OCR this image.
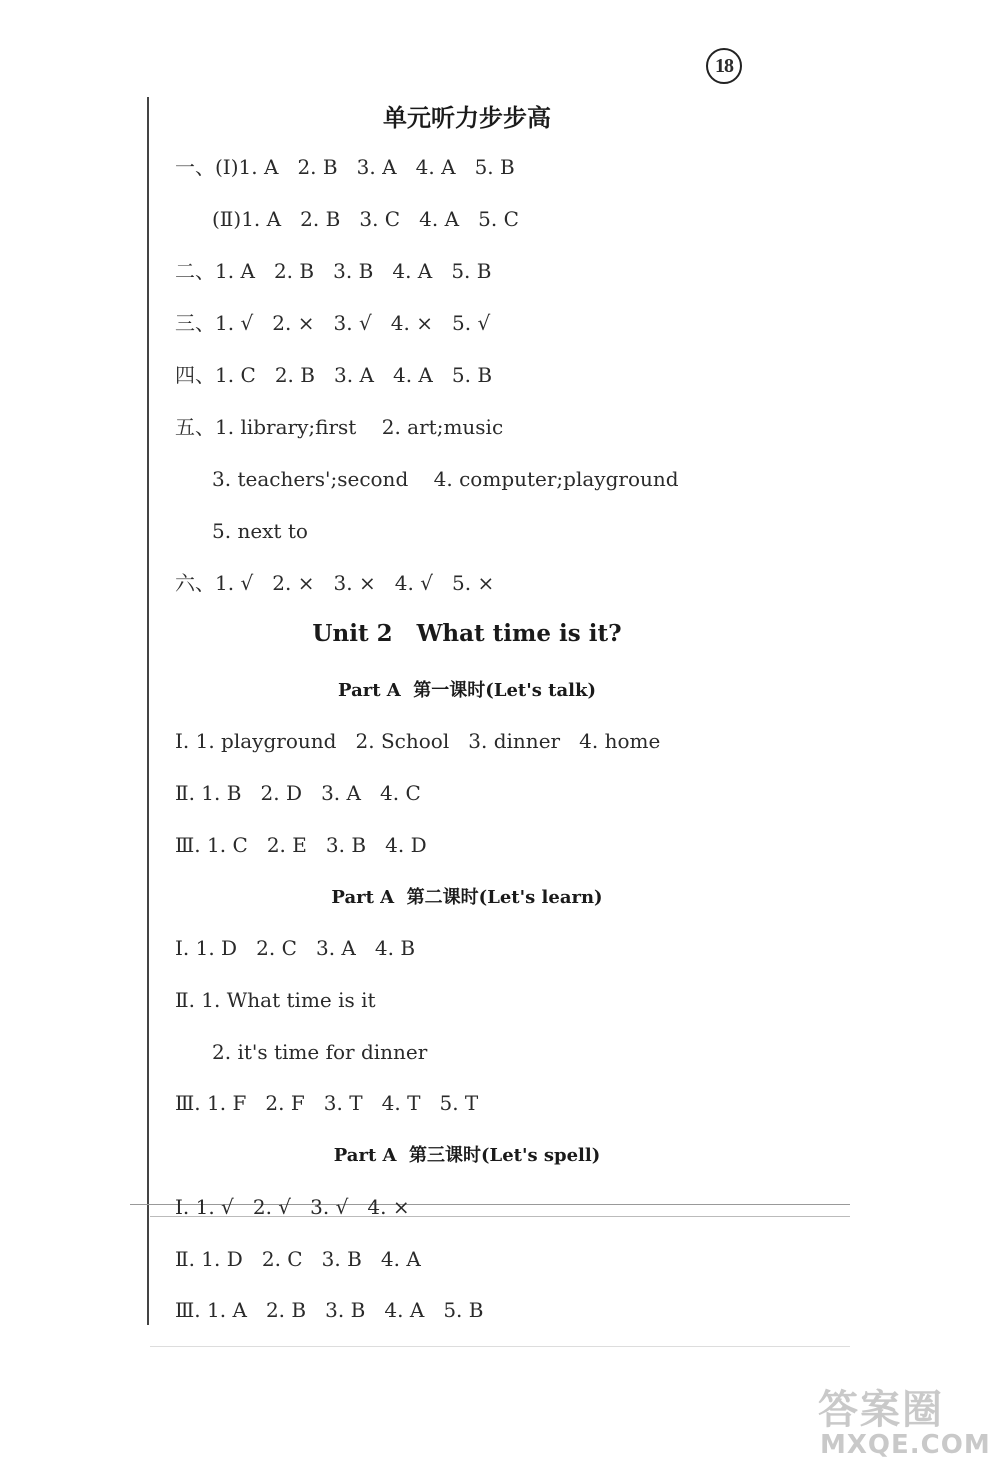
18
单元听力步步高
一、(Ⅰ)1. A   2. B   3. A   4. A   5. B
(Ⅱ)1. A   2. B   3. C   4. A   5. C
二、1. A   2. B   3. B   4. A   5. B
三、1. √   2. ×   3. √   4. ×   5. √
四、1. C   2. B   3. A   4. A   5. B
五、1. library;first    2. art;music
3. teachers';second    4. computer;playground
5. next to
六、1. √   2. ×   3. ×   4. √   5. ×
Unit 2   What time is it?
Part A  第一课时(Let's talk)
Ⅰ. 1. playground   2. School   3. dinner   4. home
Ⅱ. 1. B   2. D   3. A   4. C
Ⅲ. 1. C   2. E   3. B   4. D
Part A  第二课时(Let's learn)
Ⅰ. 1. D   2. C   3. A   4. B
Ⅱ. 1. What time is it
2. it's time for dinner
Ⅲ. 1. F   2. F   3. T   4. T   5. T
Part A  第三课时(Let's spell)
Ⅰ. 1. √   2. √   3. √   4. ×
Ⅱ. 1. D   2. C   3. B   4. A
Ⅲ. 1. A   2. B   3. B   4. A   5. B
答案圈
MXQE.COM
